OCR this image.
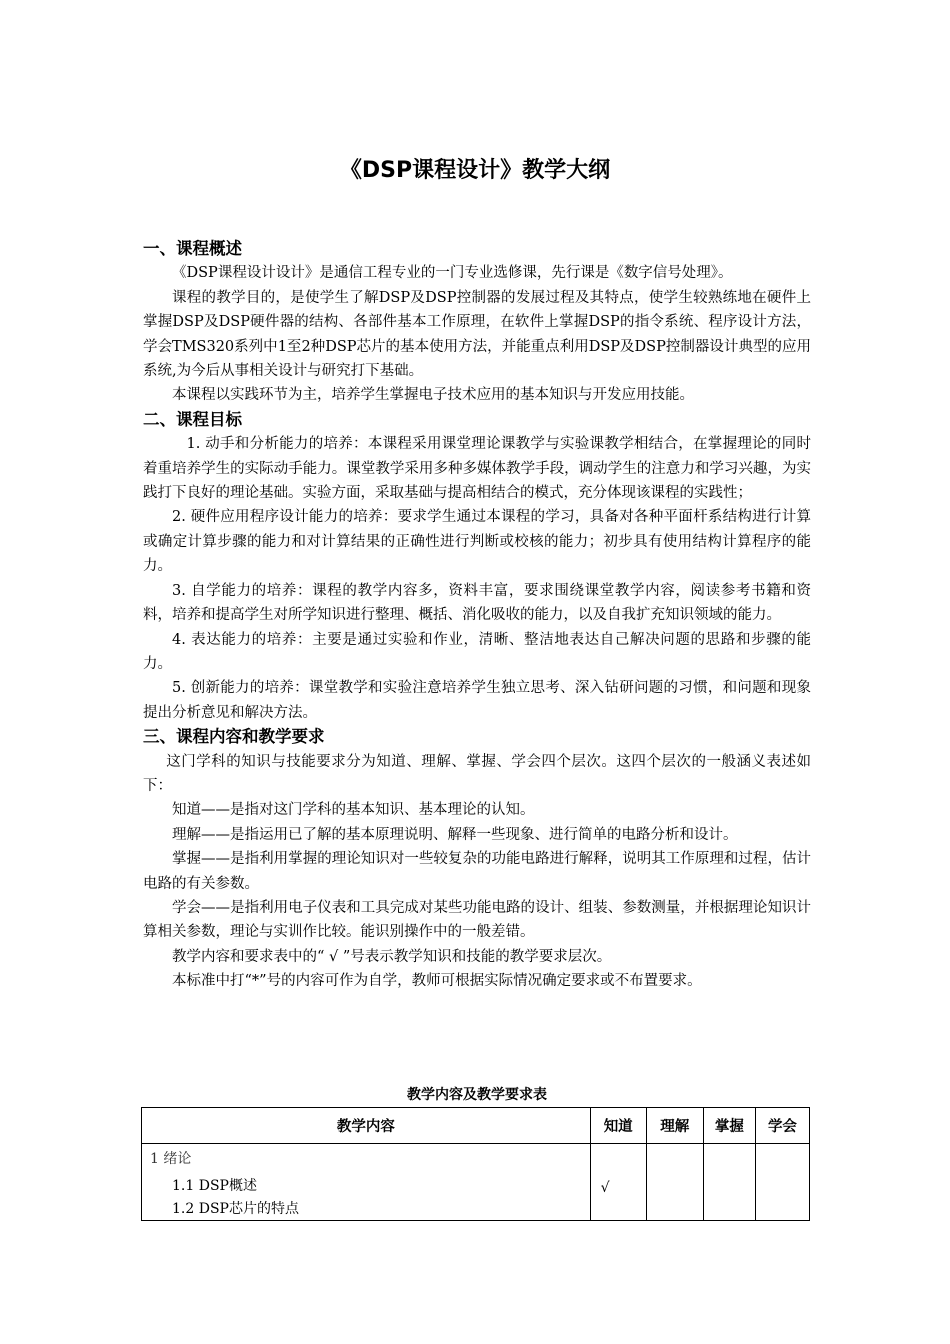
《DSP课程设计》教学大纲

一、课程概述

《DSP课程设计设计》是通信工程专业的一门专业选修课，先行课是《数字信号处理》。

课程的教学目的，是使学生了解DSP及DSP控制器的发展过程及其特点，使学生较熟练地在硬件上掌握DSP及DSP硬件器的结构、各部件基本工作原理，在软件上掌握DSP的指令系统、程序设计方法，学会TMS320系列中1至2种DSP芯片的基本使用方法，并能重点利用DSP及DSP控制器设计典型的应用系统,为今后从事相关设计与研究打下基础。

本课程以实践环节为主，培养学生掌握电子技术应用的基本知识与开发应用技能。

二、课程目标

1. 动手和分析能力的培养：本课程采用课堂理论课教学与实验课教学相结合，在掌握理论的同时着重培养学生的实际动手能力。课堂教学采用多种多媒体教学手段，调动学生的注意力和学习兴趣，为实践打下良好的理论基础。实验方面，采取基础与提高相结合的模式，充分体现该课程的实践性；

2. 硬件应用程序设计能力的培养：要求学生通过本课程的学习，具备对各种平面杆系结构进行计算或确定计算步骤的能力和对计算结果的正确性进行判断或校核的能力；初步具有使用结构计算程序的能力。

3. 自学能力的培养：课程的教学内容多，资料丰富，要求围绕课堂教学内容，阅读参考书籍和资料，培养和提高学生对所学知识进行整理、概括、消化吸收的能力，以及自我扩充知识领域的能力。

4. 表达能力的培养：主要是通过实验和作业，清晰、整洁地表达自己解决问题的思路和步骤的能力。

5. 创新能力的培养：课堂教学和实验注意培养学生独立思考、深入钻研问题的习惯，和问题和现象提出分析意见和解决方法。

三、课程内容和教学要求

这门学科的知识与技能要求分为知道、理解、掌握、学会四个层次。这四个层次的一般涵义表述如下：

知道——是指对这门学科的基本知识、基本理论的认知。

理解——是指运用已了解的基本原理说明、解释一些现象、进行简单的电路分析和设计。

掌握——是指利用掌握的理论知识对一些较复杂的功能电路进行解释，说明其工作原理和过程，估计电路的有关参数。

学会——是指利用电子仪表和工具完成对某些功能电路的设计、组装、参数测量，并根据理论知识计算相关参数，理论与实训作比较。能识别操作中的一般差错。

教学内容和要求表中的“ √ ”号表示教学知识和技能的教学要求层次。

本标准中打“*”号的内容可作为自学，教师可根据实际情况确定要求或不布置要求。

教学内容及教学要求表
教学内容	知道	理解	掌握	学会

1 绪论
1.1 DSP概述
1.2 DSP芯片的特点	√			
